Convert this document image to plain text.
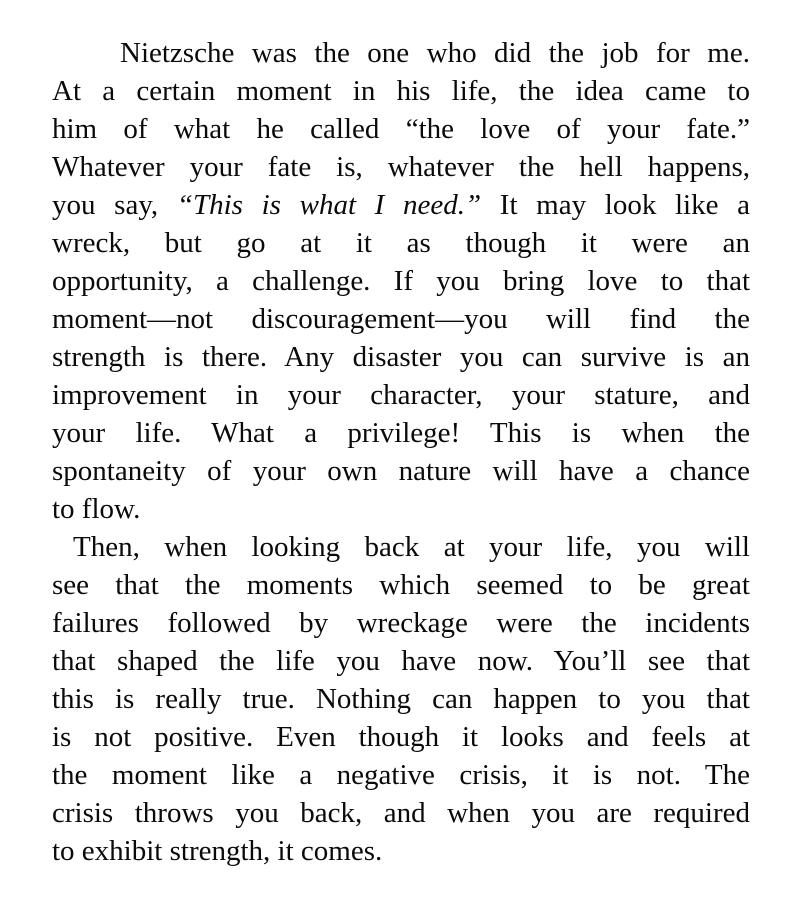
Nietzsche was the one who did the job for me.
At a certain moment in his life, the idea came to
him of what he called “the love of your fate.”
Whatever your fate is, whatever the hell happens,
you say, “This is what I need.” It may look like a
wreck, but go at it as though it were an
opportunity, a challenge. If you bring love to that
moment—not discouragement—you will find the
strength is there. Any disaster you can survive is an
improvement in your character, your stature, and
your life. What a privilege! This is when the
spontaneity of your own nature will have a chance
to flow.
Then, when looking back at your life, you will
see that the moments which seemed to be great
failures followed by wreckage were the incidents
that shaped the life you have now. You’ll see that
this is really true. Nothing can happen to you that
is not positive. Even though it looks and feels at
the moment like a negative crisis, it is not. The
crisis throws you back, and when you are required
to exhibit strength, it comes.
